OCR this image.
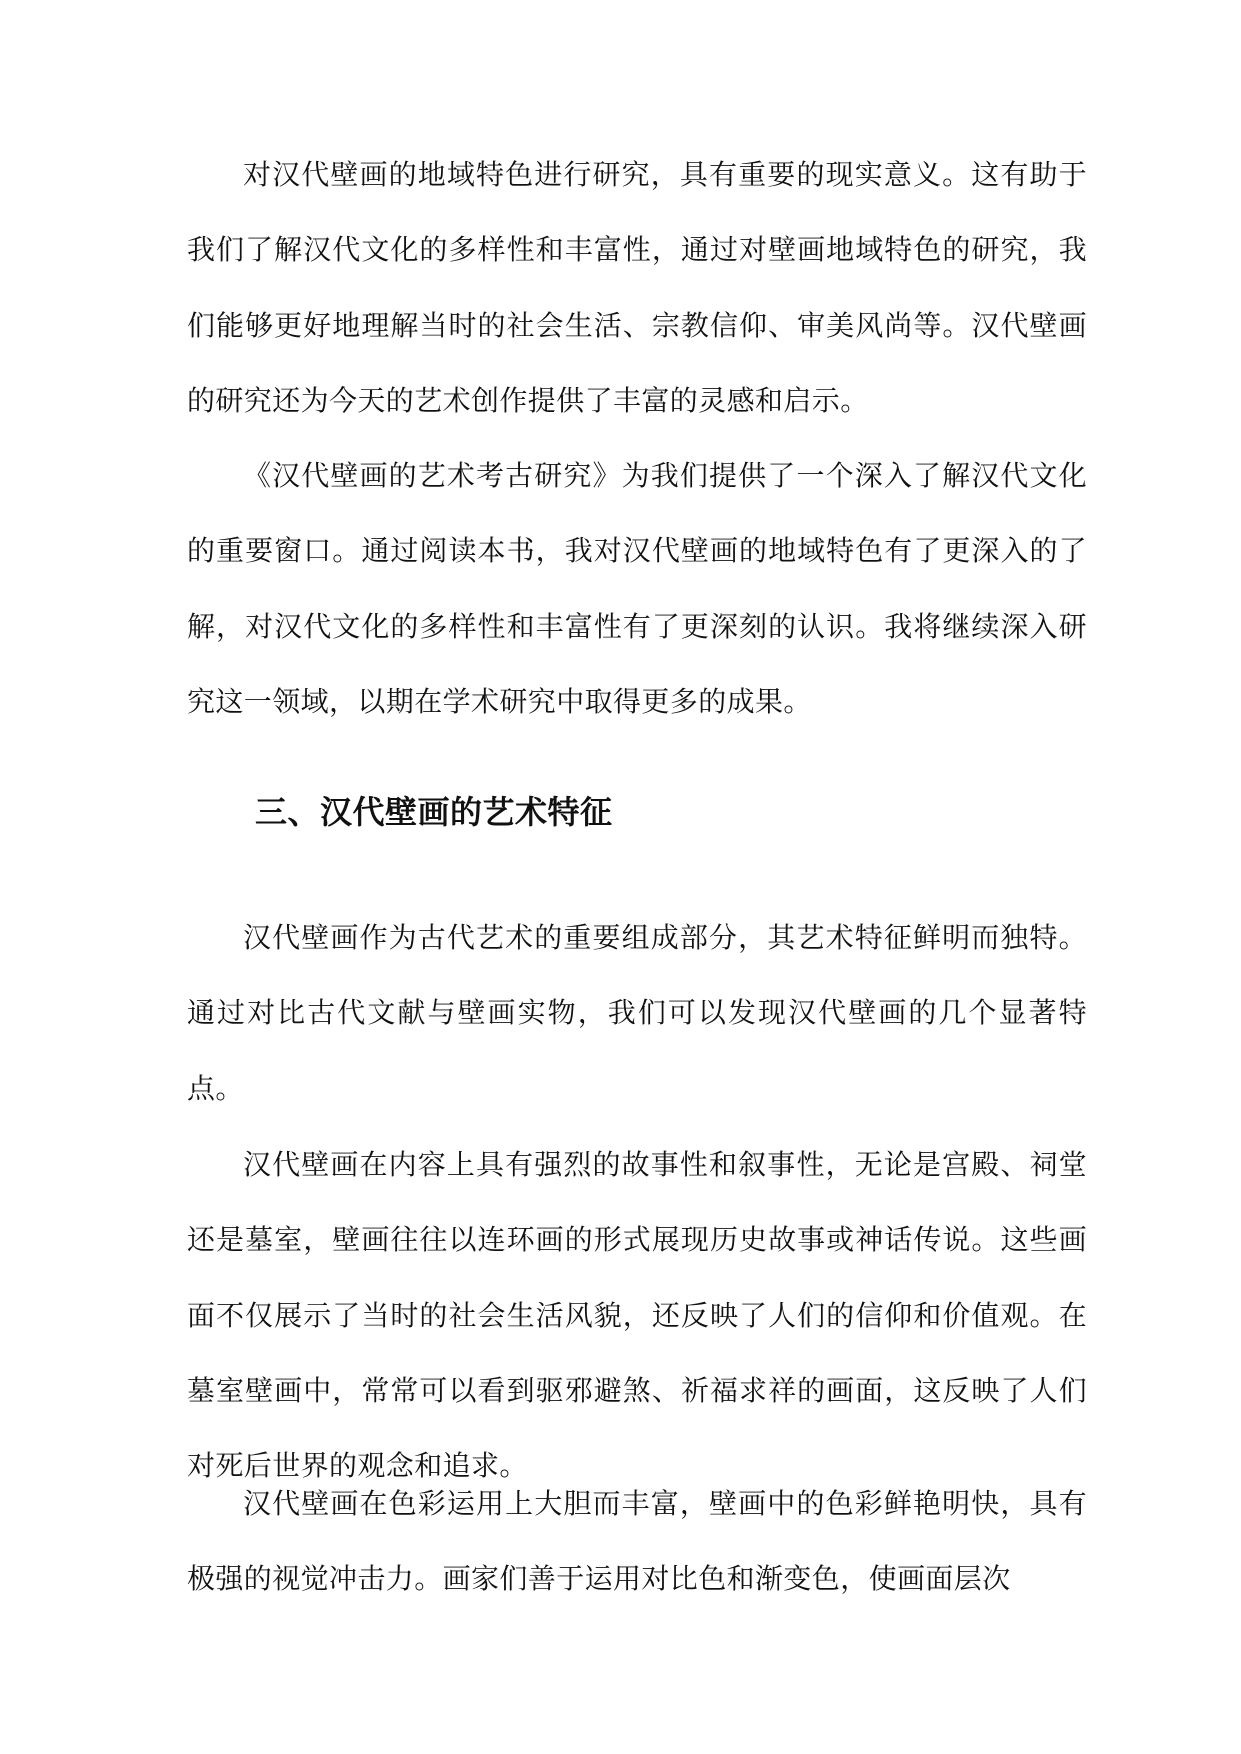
对汉代壁画的地域特色进行研究，具有重要的现实意义。这有助于我们了解汉代文化的多样性和丰富性，通过对壁画地域特色的研究，我们能够更好地理解当时的社会生活、宗教信仰、审美风尚等。汉代壁画的研究还为今天的艺术创作提供了丰富的灵感和启示。

《汉代壁画的艺术考古研究》为我们提供了一个深入了解汉代文化的重要窗口。通过阅读本书，我对汉代壁画的地域特色有了更深入的了解，对汉代文化的多样性和丰富性有了更深刻的认识。我将继续深入研究这一领域，以期在学术研究中取得更多的成果。

三、汉代壁画的艺术特征

汉代壁画作为古代艺术的重要组成部分，其艺术特征鲜明而独特。通过对比古代文献与壁画实物，我们可以发现汉代壁画的几个显著特点。

汉代壁画在内容上具有强烈的故事性和叙事性，无论是宫殿、祠堂还是墓室，壁画往往以连环画的形式展现历史故事或神话传说。这些画面不仅展示了当时的社会生活风貌，还反映了人们的信仰和价值观。在墓室壁画中，常常可以看到驱邪避煞、祈福求祥的画面，这反映了人们对死后世界的观念和追求。

汉代壁画在色彩运用上大胆而丰富，壁画中的色彩鲜艳明快，具有极强的视觉冲击力。画家们善于运用对比色和渐变色，使画面层次
